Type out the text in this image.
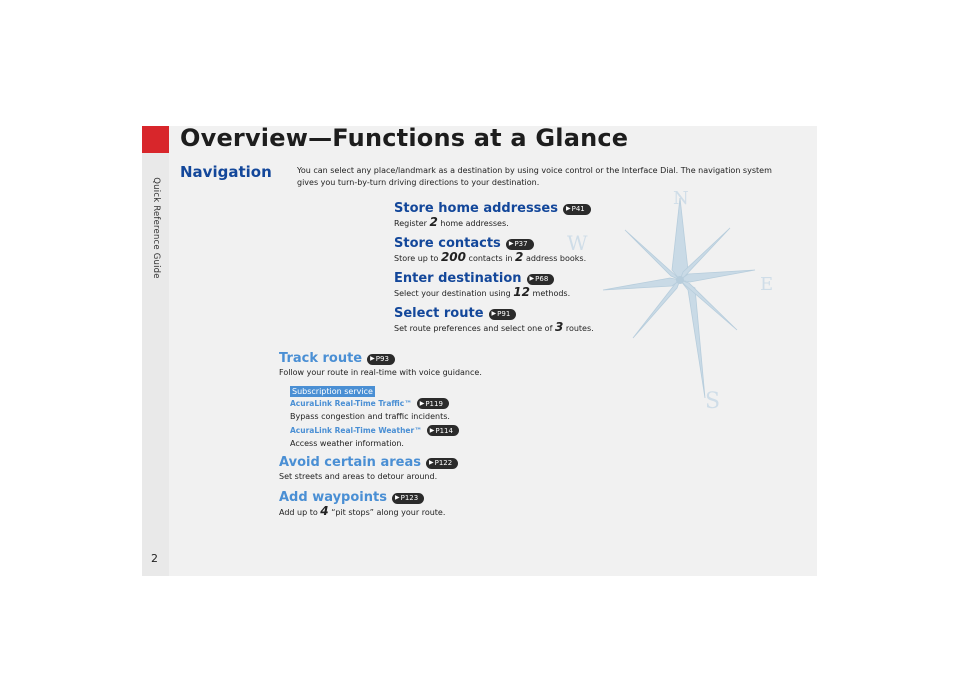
Quick Reference Guide
2
Overview—Functions at a Glance
Navigation	You can select any place/landmark as a destination by using voice control or the Interface Dial. The navigation system gives you turn-by-turn driving directions to your destination.
N
E
S
W
Store home addresses ▶ P41
Register 2 home addresses.
Store contacts ▶ P37
Store up to 200 contacts in 2 address books.
Enter destination ▶ P68
Select your destination using 12 methods.
Select route ▶ P91
Set route preferences and select one of 3 routes.
Track route ▶ P93
Follow your route in real-time with voice guidance.
Subscription service
AcuraLink Real-Time Traffic™ ▶ P119
Bypass congestion and traffic incidents.
AcuraLink Real-Time Weather™ ▶ P114
Access weather information.
Avoid certain areas ▶ P122
Set streets and areas to detour around.
Add waypoints ▶ P123
Add up to 4 “pit stops” along your route.
